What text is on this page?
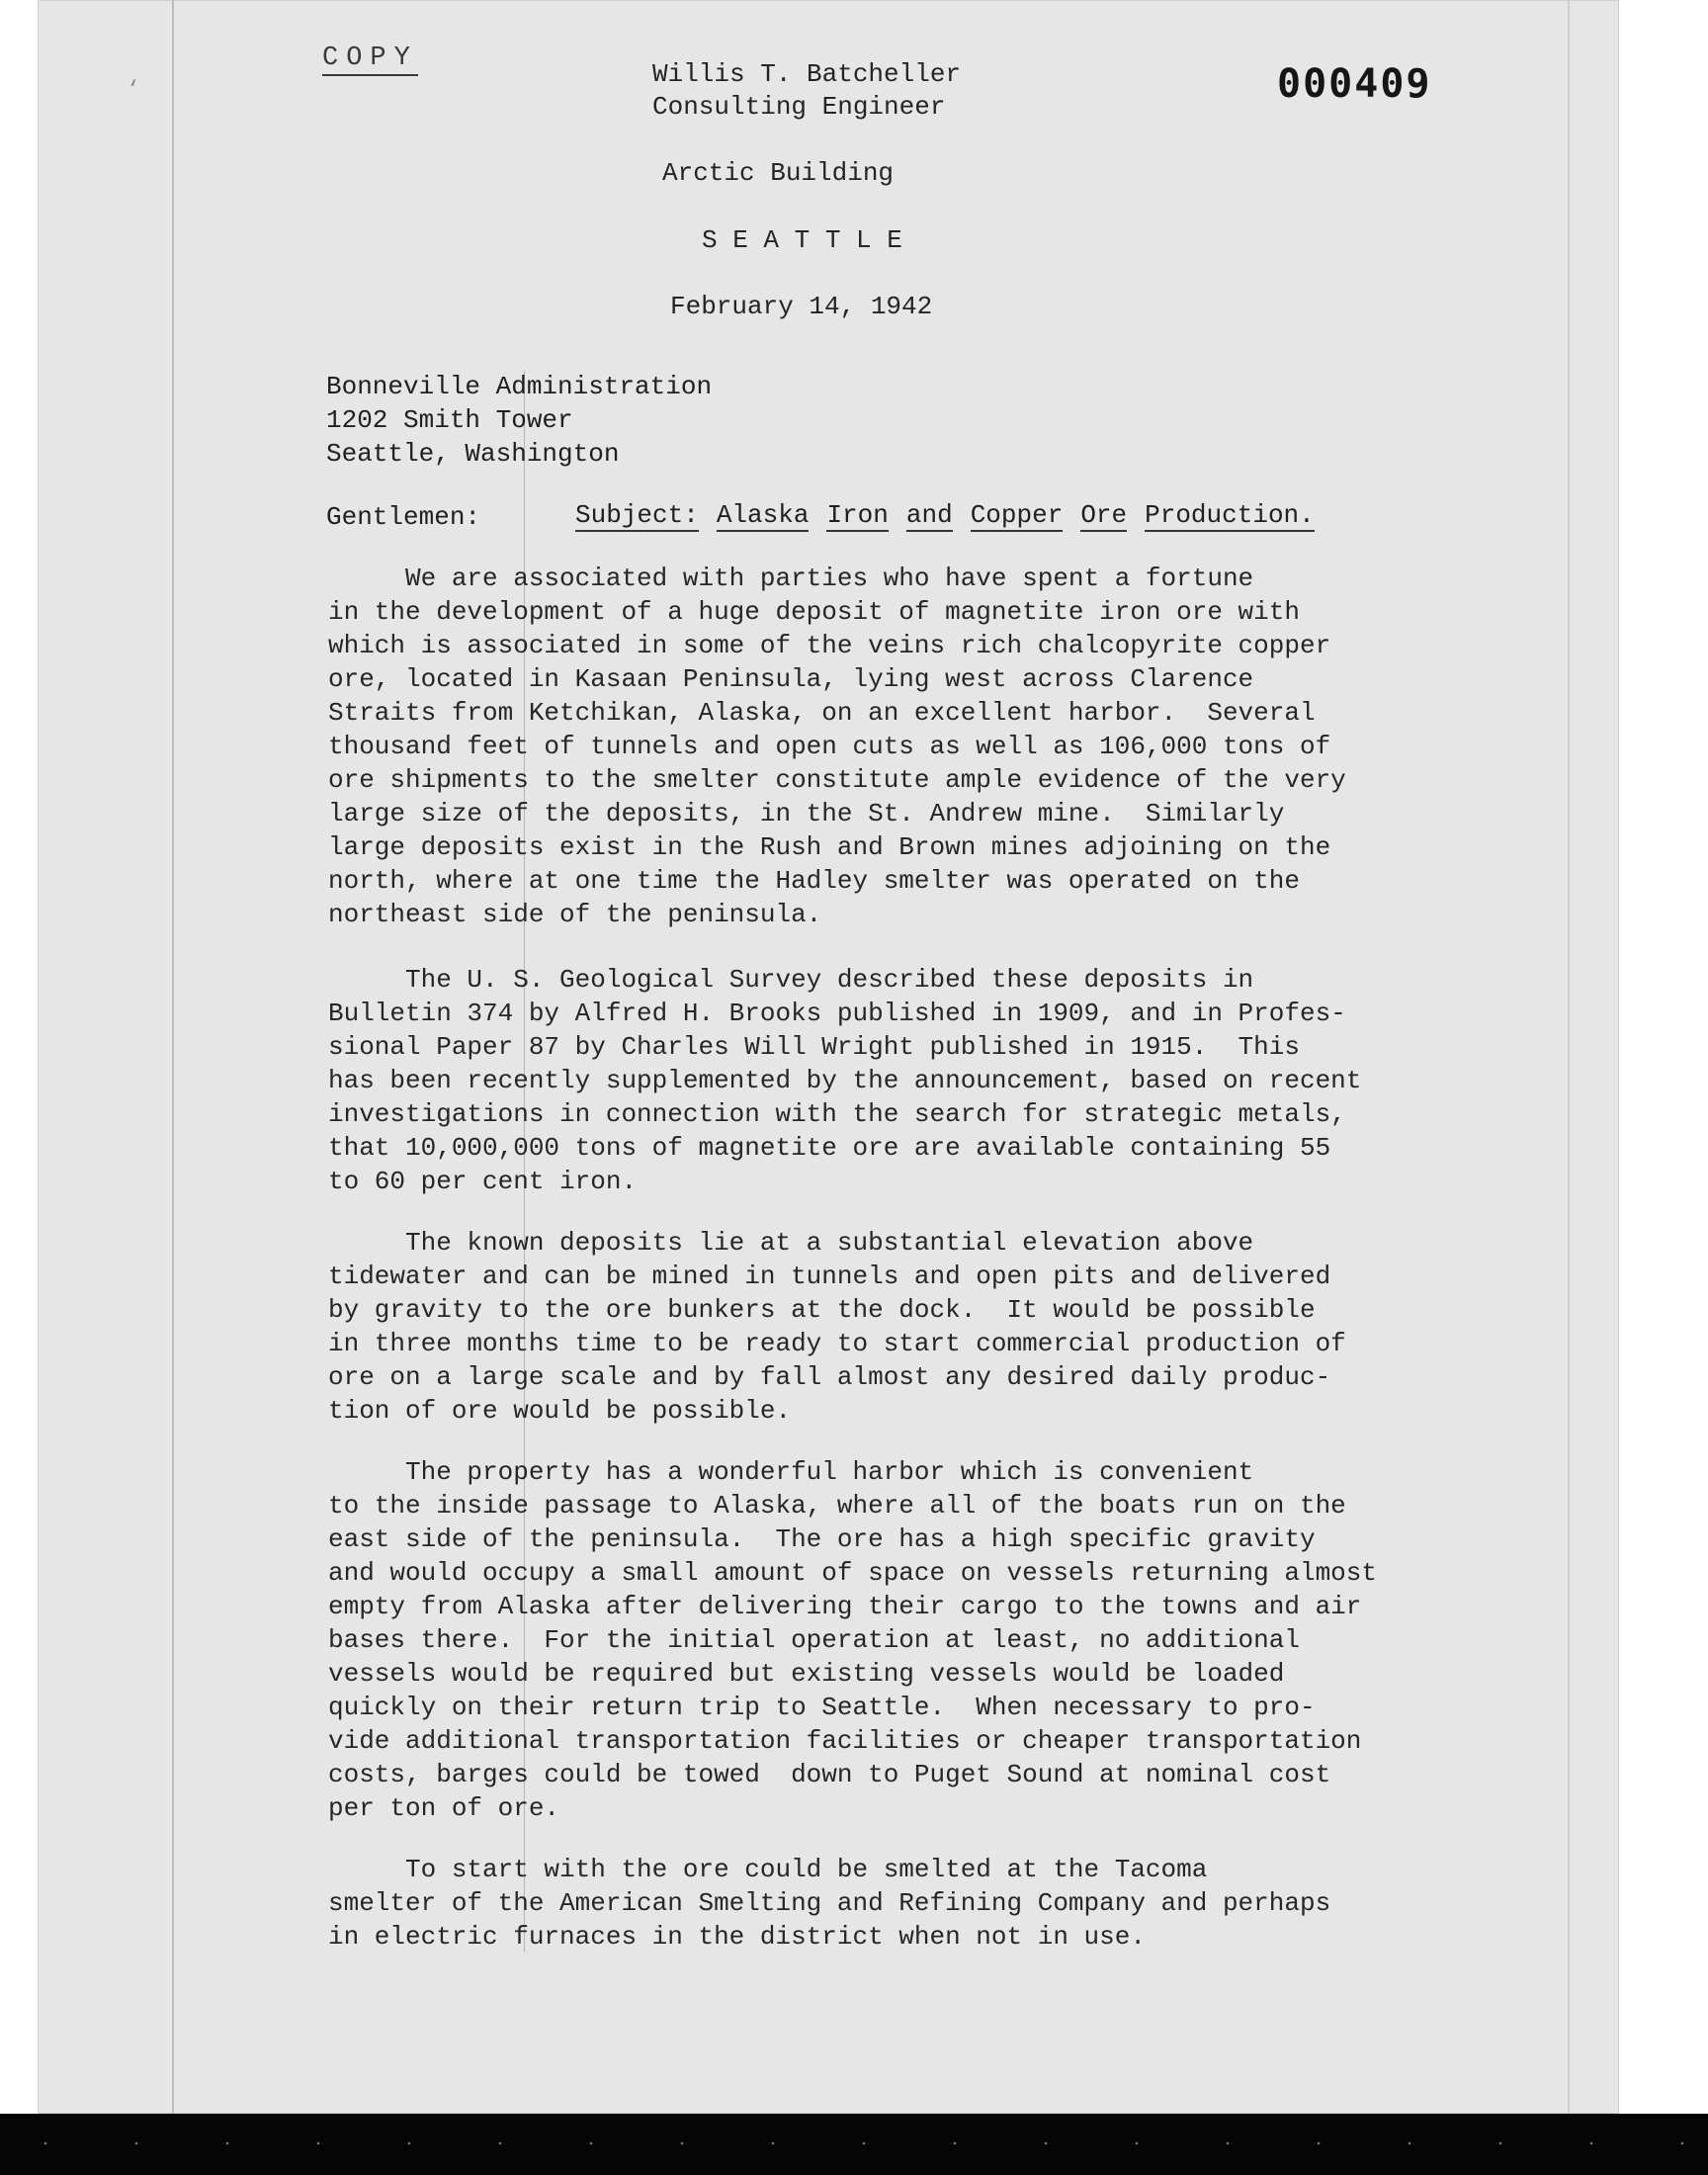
‘
COPY
000409
Willis T. Batcheller
Consulting Engineer
Arctic Building
S E A T T L E
February 14, 1942
Bonneville Administration
1202 Smith Tower
Seattle, Washington
Gentlemen:	Subject: Alaska Iron and Copper Ore Production.
We are associated with parties who have spent a fortune
in the development of a huge deposit of magnetite iron ore with
which is associated in some of the veins rich chalcopyrite copper
ore, located in Kasaan Peninsula, lying west across Clarence
Straits from Ketchikan, Alaska, on an excellent harbor.  Several
thousand feet of tunnels and open cuts as well as 106,000 tons of
ore shipments to the smelter constitute ample evidence of the very
large size of the deposits, in the St. Andrew mine.  Similarly
large deposits exist in the Rush and Brown mines adjoining on the
north, where at one time the Hadley smelter was operated on the
northeast side of the peninsula.
The U. S. Geological Survey described these deposits in
Bulletin 374 by Alfred H. Brooks published in 1909, and in Profes-
sional Paper 87 by Charles Will Wright published in 1915.  This
has been recently supplemented by the announcement, based on recent
investigations in connection with the search for strategic metals,
that 10,000,000 tons of magnetite ore are available containing 55
to 60 per cent iron.
The known deposits lie at a substantial elevation above
tidewater and can be mined in tunnels and open pits and delivered
by gravity to the ore bunkers at the dock.  It would be possible
in three months time to be ready to start commercial production of
ore on a large scale and by fall almost any desired daily produc-
tion of ore would be possible.
The property has a wonderful harbor which is convenient
to the inside passage to Alaska, where all of the boats run on the
east side of the peninsula.  The ore has a high specific gravity
and would occupy a small amount of space on vessels returning almost
empty from Alaska after delivering their cargo to the towns and air
bases there.  For the initial operation at least, no additional
vessels would be required but existing vessels would be loaded
quickly on their return trip to Seattle.  When necessary to pro-
vide additional transportation facilities or cheaper transportation
costs, barges could be towed  down to Puget Sound at nominal cost
per ton of ore.
To start with the ore could be smelted at the Tacoma
smelter of the American Smelting and Refining Company and perhaps
in electric furnaces in the district when not in use.
